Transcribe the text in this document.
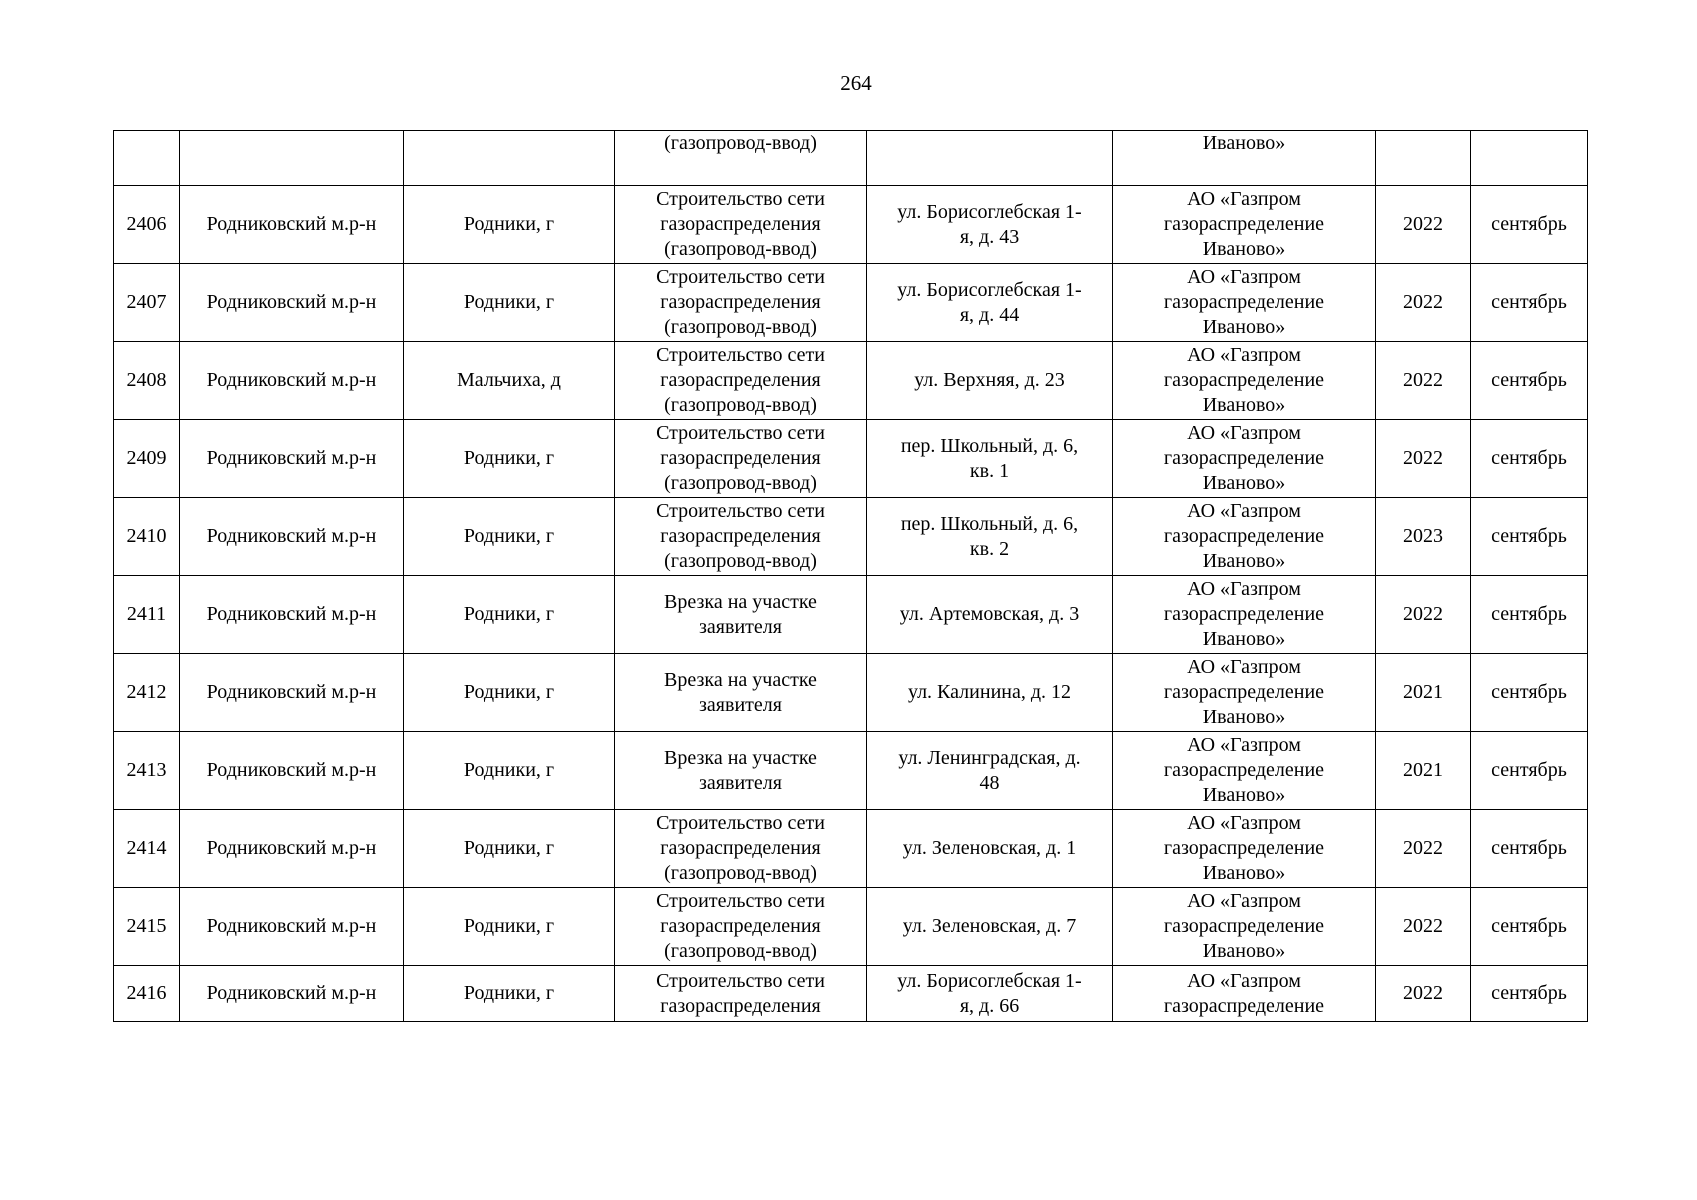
264
			(газопровод-ввод)		Иваново»		
2406	Родниковский м.р-н	Родники, г	Строительство сети
газораспределения
(газопровод-ввод)	ул. Борисоглебская 1-
я, д. 43	АО «Газпром
газораспределение
Иваново»	2022	сентябрь
2407	Родниковский м.р-н	Родники, г	Строительство сети
газораспределения
(газопровод-ввод)	ул. Борисоглебская 1-
я, д. 44	АО «Газпром
газораспределение
Иваново»	2022	сентябрь
2408	Родниковский м.р-н	Мальчиха, д	Строительство сети
газораспределения
(газопровод-ввод)	ул. Верхняя, д. 23	АО «Газпром
газораспределение
Иваново»	2022	сентябрь
2409	Родниковский м.р-н	Родники, г	Строительство сети
газораспределения
(газопровод-ввод)	пер. Школьный, д. 6,
кв. 1	АО «Газпром
газораспределение
Иваново»	2022	сентябрь
2410	Родниковский м.р-н	Родники, г	Строительство сети
газораспределения
(газопровод-ввод)	пер. Школьный, д. 6,
кв. 2	АО «Газпром
газораспределение
Иваново»	2023	сентябрь
2411	Родниковский м.р-н	Родники, г	Врезка на участке
заявителя	ул. Артемовская, д. 3	АО «Газпром
газораспределение
Иваново»	2022	сентябрь
2412	Родниковский м.р-н	Родники, г	Врезка на участке
заявителя	ул. Калинина, д. 12	АО «Газпром
газораспределение
Иваново»	2021	сентябрь
2413	Родниковский м.р-н	Родники, г	Врезка на участке
заявителя	ул. Ленинградская, д.
48	АО «Газпром
газораспределение
Иваново»	2021	сентябрь
2414	Родниковский м.р-н	Родники, г	Строительство сети
газораспределения
(газопровод-ввод)	ул. Зеленовская, д. 1	АО «Газпром
газораспределение
Иваново»	2022	сентябрь
2415	Родниковский м.р-н	Родники, г	Строительство сети
газораспределения
(газопровод-ввод)	ул. Зеленовская, д. 7	АО «Газпром
газораспределение
Иваново»	2022	сентябрь
2416	Родниковский м.р-н	Родники, г	Строительство сети
газораспределения	ул. Борисоглебская 1-
я, д. 66	АО «Газпром
газораспределение	2022	сентябрь
